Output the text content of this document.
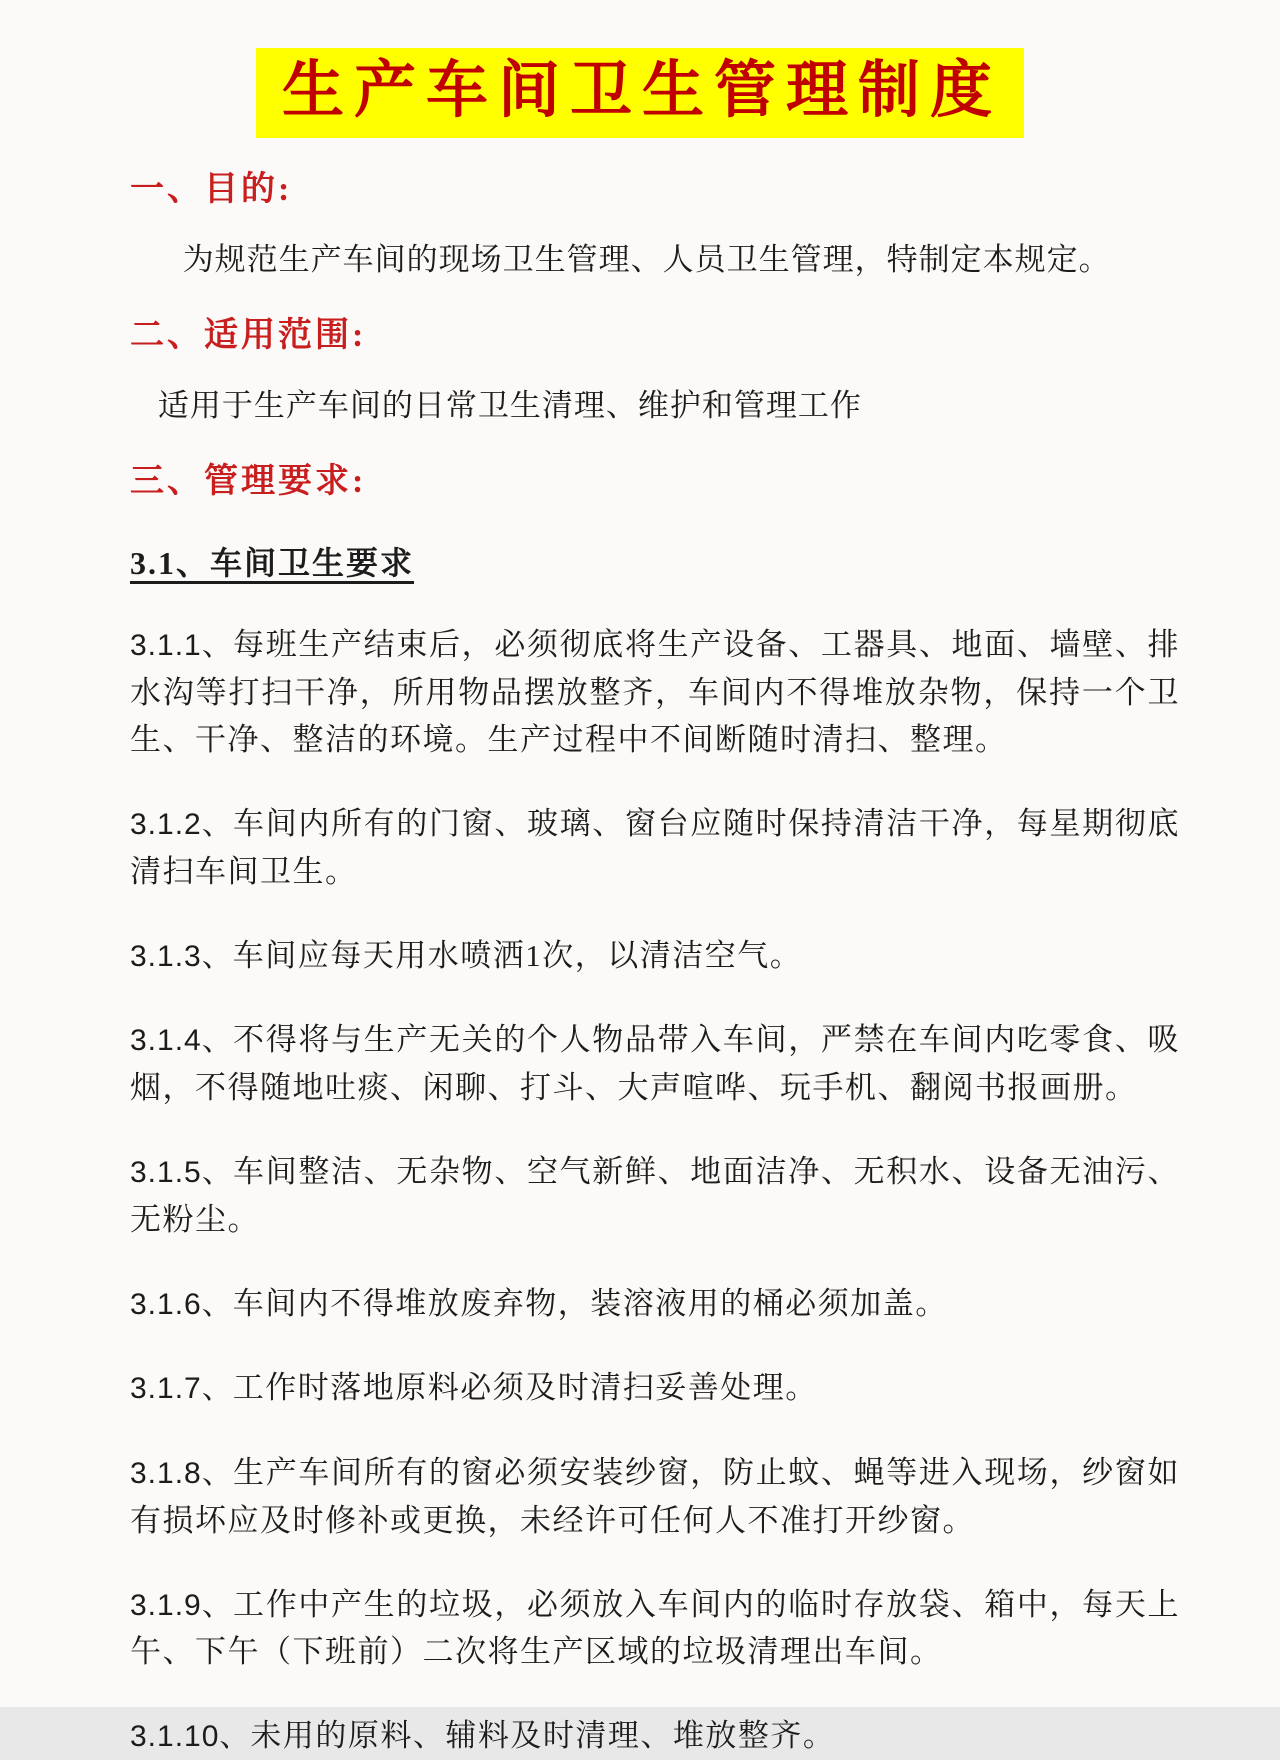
生产车间卫生管理制度
一、目的:

为规范生产车间的现场卫生管理、人员卫生管理，特制定本规定。

二、适用范围:

适用于生产车间的日常卫生清理、维护和管理工作

三、管理要求:
3.1、车间卫生要求

3.1.1、每班生产结束后，必须彻底将生产设备、工器具、地面、墙壁、排水沟等打扫干净，所用物品摆放整齐，车间内不得堆放杂物，保持一个卫生、干净、整洁的环境。生产过程中不间断随时清扫、整理。

3.1.2、车间内所有的门窗、玻璃、窗台应随时保持清洁干净，每星期彻底清扫车间卫生。

3.1.3、车间应每天用水喷洒1次，以清洁空气。

3.1.4、不得将与生产无关的个人物品带入车间，严禁在车间内吃零食、吸烟，不得随地吐痰、闲聊、打斗、大声喧哗、玩手机、翻阅书报画册。

3.1.5、车间整洁、无杂物、空气新鲜、地面洁净、无积水、设备无油污、无粉尘。

3.1.6、车间内不得堆放废弃物，装溶液用的桶必须加盖。

3.1.7、工作时落地原料必须及时清扫妥善处理。

3.1.8、生产车间所有的窗必须安装纱窗，防止蚊、蝇等进入现场，纱窗如有损坏应及时修补或更换，未经许可任何人不准打开纱窗。

3.1.9、工作中产生的垃圾，必须放入车间内的临时存放袋、箱中，每天上午、下午（下班前）二次将生产区域的垃圾清理出车间。

3.1.10、未用的原料、辅料及时清理、堆放整齐。
